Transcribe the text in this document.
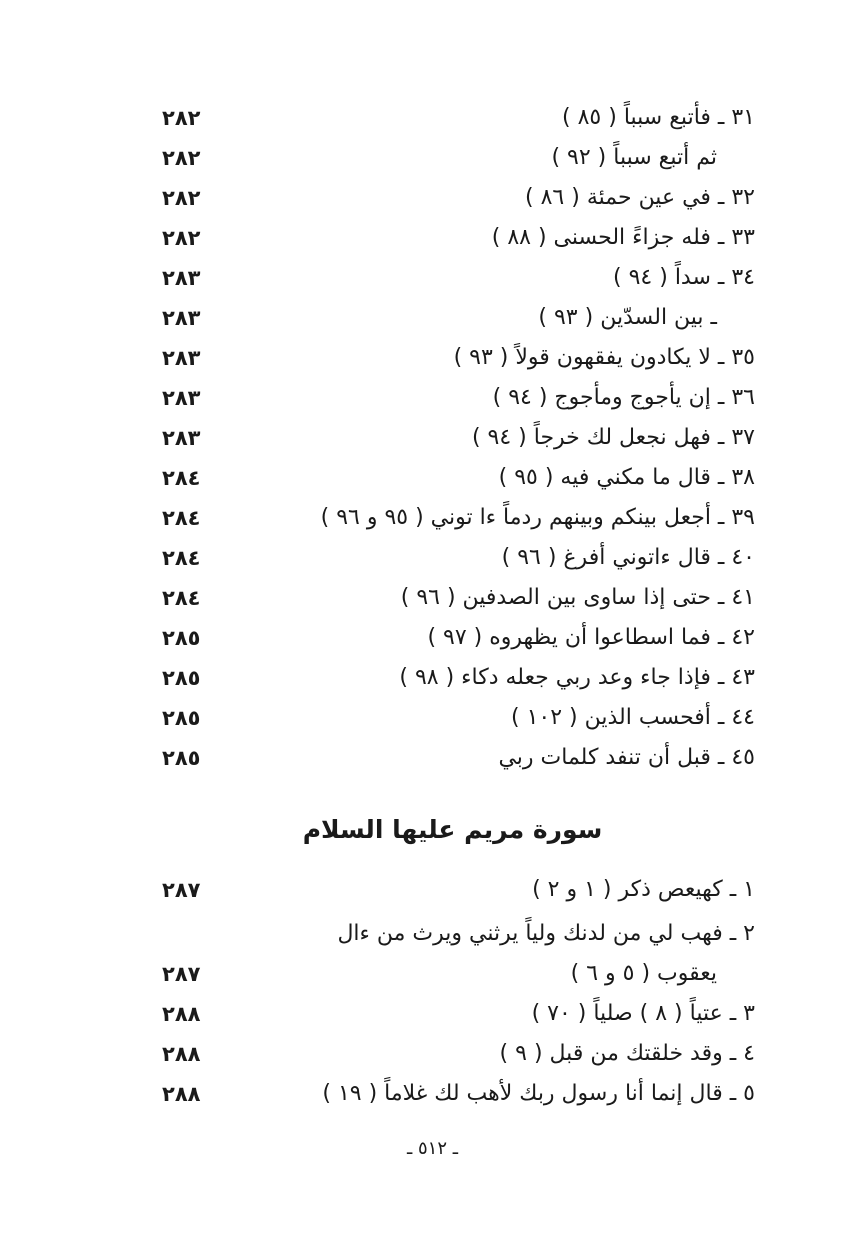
٣١ ـ فأتبع سبباً ( ٨٥ )
٢٨٢
ثم أتبع سبباً ( ٩٢ )
٢٨٢
٣٢ ـ في عين حمئة ( ٨٦ )
٢٨٢
٣٣ ـ فله جزاءً الحسنى ( ٨٨ )
٢٨٢
٣٤ ـ سداً ( ٩٤ )
٢٨٣
ـ بين السدّين ( ٩٣ )
٢٨٣
٣٥ ـ لا يكادون يفقهون قولاً ( ٩٣ )
٢٨٣
٣٦ ـ إن يأجوج ومأجوج ( ٩٤ )
٢٨٣
٣٧ ـ فهل نجعل لك خرجاً ( ٩٤ )
٢٨٣
٣٨ ـ قال ما مكني فيه ( ٩٥ )
٢٨٤
٣٩ ـ أجعل بينكم وبينهم ردماً ءا توني ( ٩٥ و ٩٦ )
٢٨٤
٤٠ ـ قال ءاتوني أفرغ ( ٩٦ )
٢٨٤
٤١ ـ حتى إذا ساوى بين الصدفين ( ٩٦ )
٢٨٤
٤٢ ـ فما اسطاعوا أن يظهروه ( ٩٧ )
٢٨٥
٤٣ ـ فإذا جاء وعد ربي جعله دكاء ( ٩٨ )
٢٨٥
٤٤ ـ أفحسب الذين ( ١٠٢ )
٢٨٥
٤٥ ـ قبل أن تنفد كلمات ربي
٢٨٥
سورة مريم عليها السلام
١ ـ كهيعص ذكر ( ١ و ٢ )
٢٨٧
٢ ـ فهب لي من لدنك ولياً يرثني ويرث من ءال
يعقوب ( ٥ و ٦ )
٢٨٧
٣ ـ عتياً ( ٨ ) صلياً ( ٧٠ )
٢٨٨
٤ ـ وقد خلقتك من قبل ( ٩ )
٢٨٨
٥ ـ قال إنما أنا رسول ربك لأهب لك غلاماً ( ١٩ )
٢٨٨
ـ ٥١٢ ـ
